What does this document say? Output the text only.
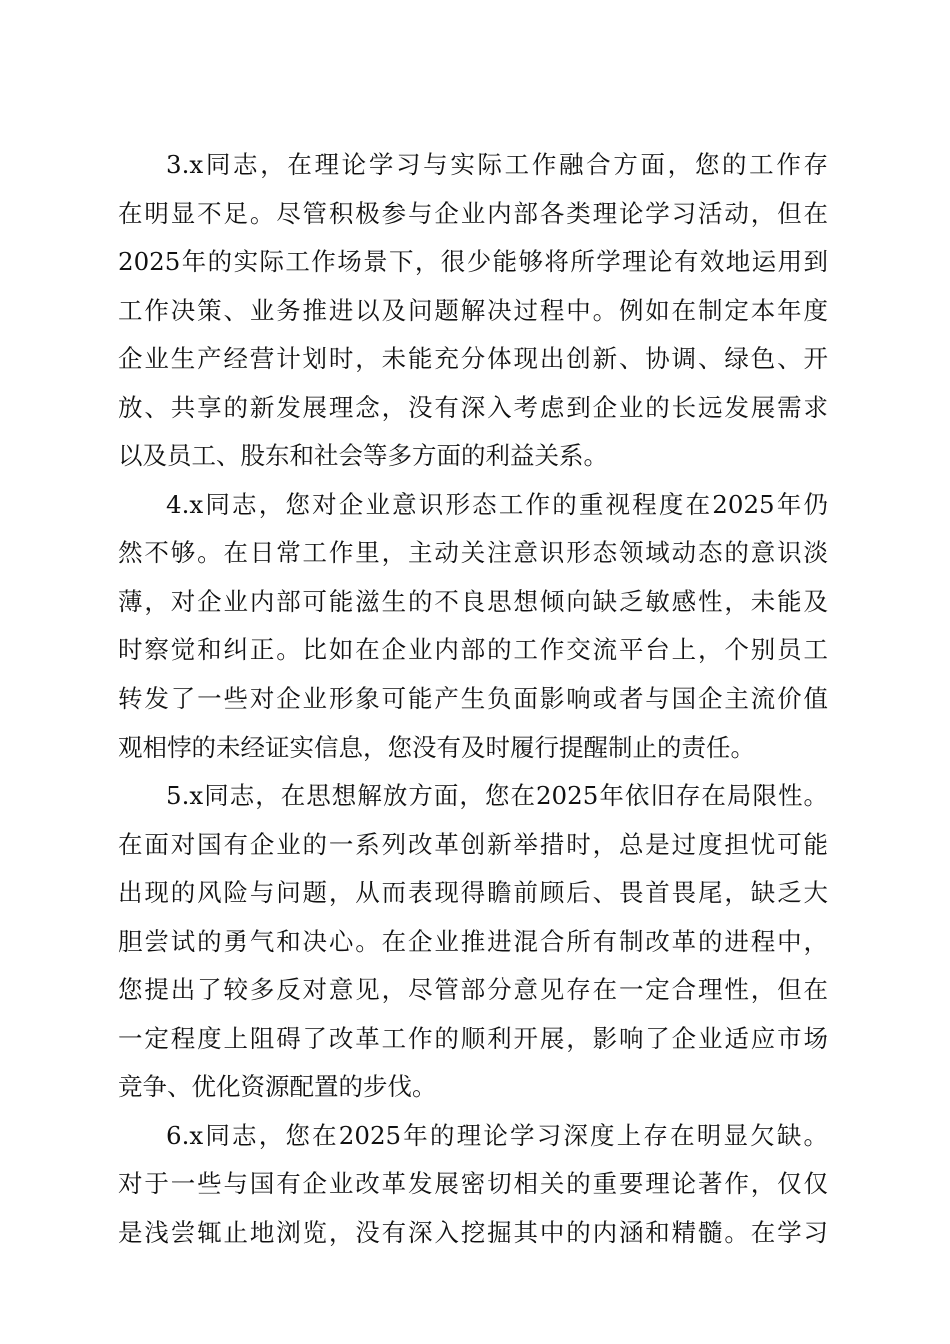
3.x同志，在理论学习与实际工作融合方面，您的工作存
在明显不足。尽管积极参与企业内部各类理论学习活动，但在
2025年的实际工作场景下，很少能够将所学理论有效地运用到
工作决策、业务推进以及问题解决过程中。例如在制定本年度
企业生产经营计划时，未能充分体现出创新、协调、绿色、开
放、共享的新发展理念，没有深入考虑到企业的长远发展需求
以及员工、股东和社会等多方面的利益关系。
4.x同志，您对企业意识形态工作的重视程度在2025年仍
然不够。在日常工作里，主动关注意识形态领域动态的意识淡
薄，对企业内部可能滋生的不良思想倾向缺乏敏感性，未能及
时察觉和纠正。比如在企业内部的工作交流平台上，个别员工
转发了一些对企业形象可能产生负面影响或者与国企主流价值
观相悖的未经证实信息，您没有及时履行提醒制止的责任。
5.x同志，在思想解放方面，您在2025年依旧存在局限性。
在面对国有企业的一系列改革创新举措时，总是过度担忧可能
出现的风险与问题，从而表现得瞻前顾后、畏首畏尾，缺乏大
胆尝试的勇气和决心。在企业推进混合所有制改革的进程中，
您提出了较多反对意见，尽管部分意见存在一定合理性，但在
一定程度上阻碍了改革工作的顺利开展，影响了企业适应市场
竞争、优化资源配置的步伐。
6.x同志，您在2025年的理论学习深度上存在明显欠缺。
对于一些与国有企业改革发展密切相关的重要理论著作，仅仅
是浅尝辄止地浏览，没有深入挖掘其中的内涵和精髓。在学习
